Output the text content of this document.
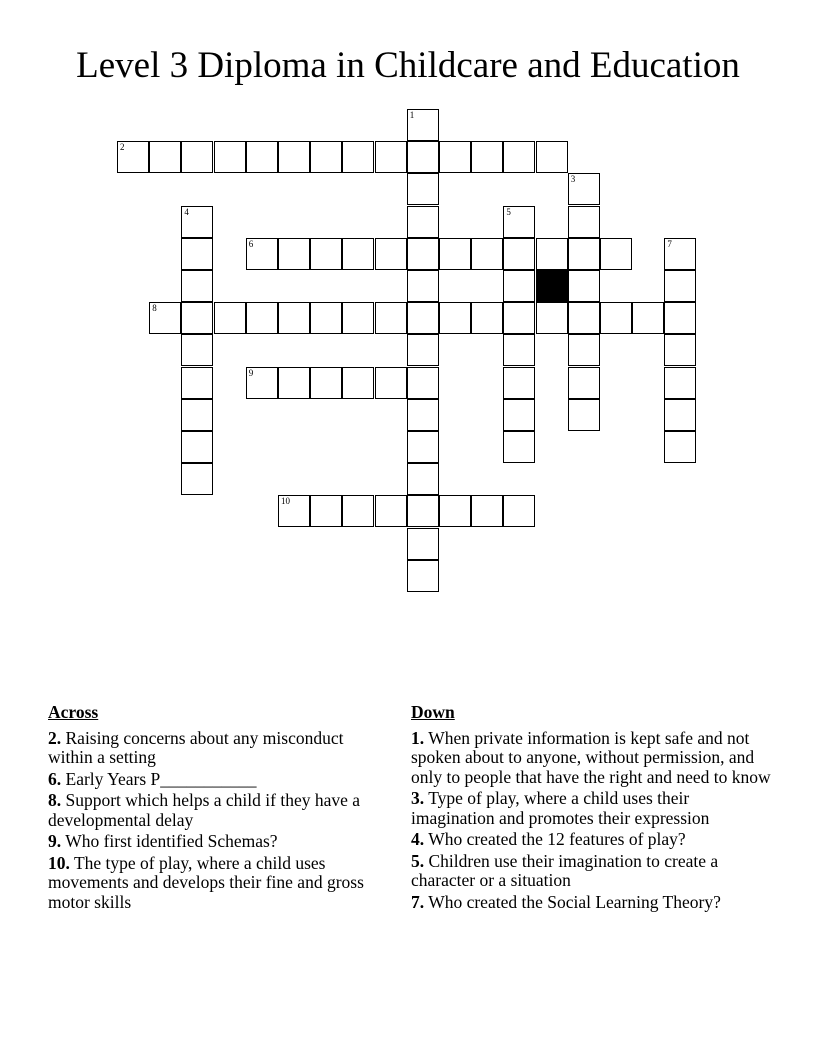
Level 3 Diploma in Childcare and Education
1
2
3
4	5
6	7
8
9
10
Across
2. Raising concerns about any misconduct within a setting
6. Early Years P___________
8. Support which helps a child if they have a developmental delay
9. Who first identified Schemas?
10. The type of play, where a child uses movements and develops their fine and gross motor skills
Down
1. When private information is kept safe and not spoken about to anyone, without permission, and only to people that have the right and need to know
3. Type of play, where a child uses their imagination and promotes their expression
4. Who created the 12 features of play?
5. Children use their imagination to create a character or a situation
7. Who created the Social Learning Theory?
